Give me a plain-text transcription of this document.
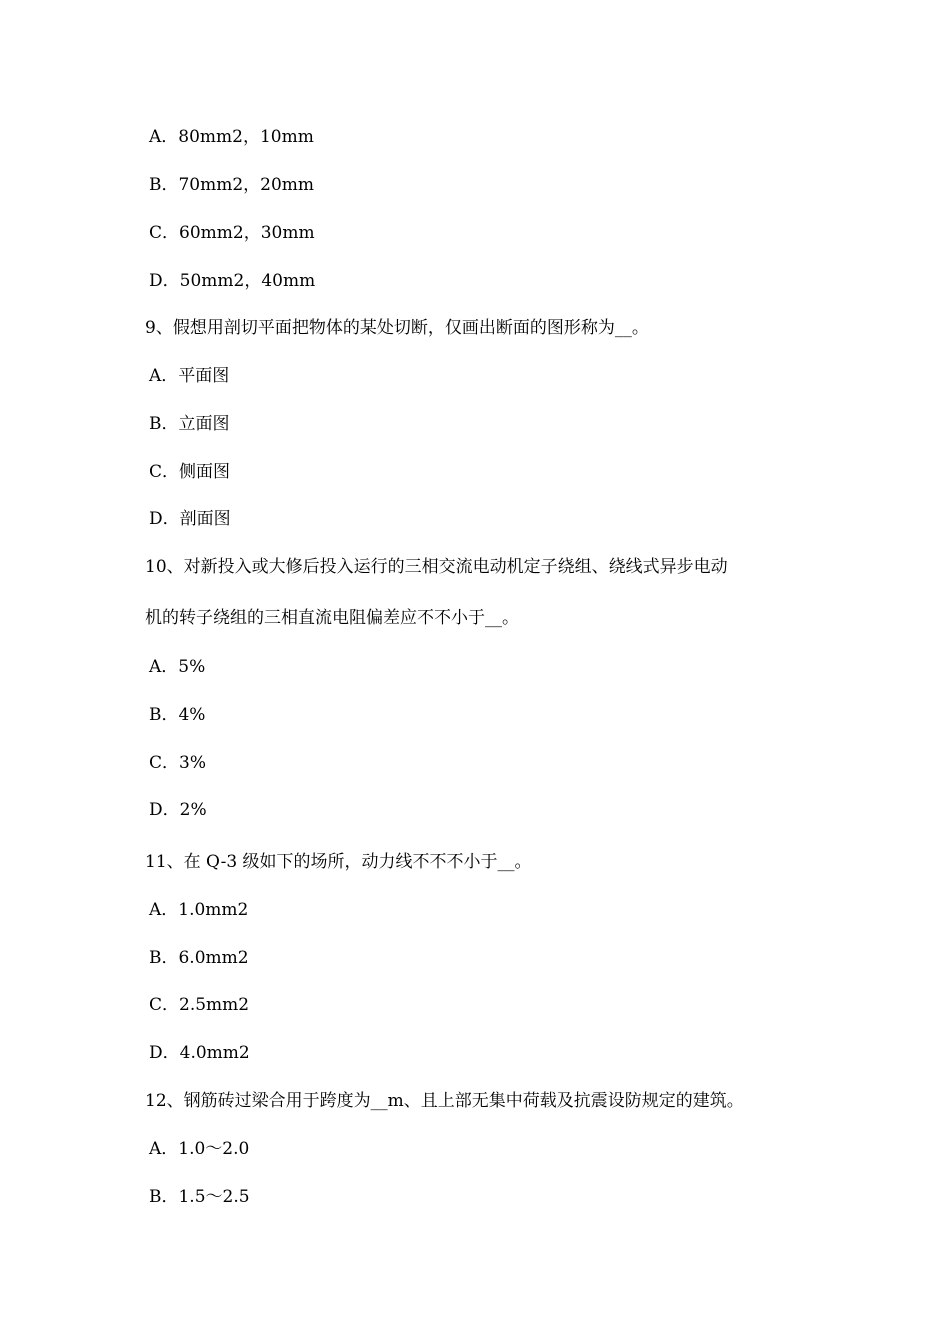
A．80mm2，10mm
B．70mm2，20mm
C．60mm2，30mm
D．50mm2，40mm
9、假想用剖切平面把物体的某处切断，仅画出断面的图形称为__。
A．平面图
B．立面图
C．侧面图
D．剖面图
10、对新投入或大修后投入运行的三相交流电动机定子绕组、绕线式异步电动
机的转子绕组的三相直流电阻偏差应不不小于__。
A．5%
B．4%
C．3%
D．2%
11、在 Q-3 级如下的场所，动力线不不不小于__。
A．1.0mm2
B．6.0mm2
C．2.5mm2
D．4.0mm2
12、钢筋砖过梁合用于跨度为__m、且上部无集中荷载及抗震设防规定的建筑。
A．1.0～2.0
B．1.5～2.5
